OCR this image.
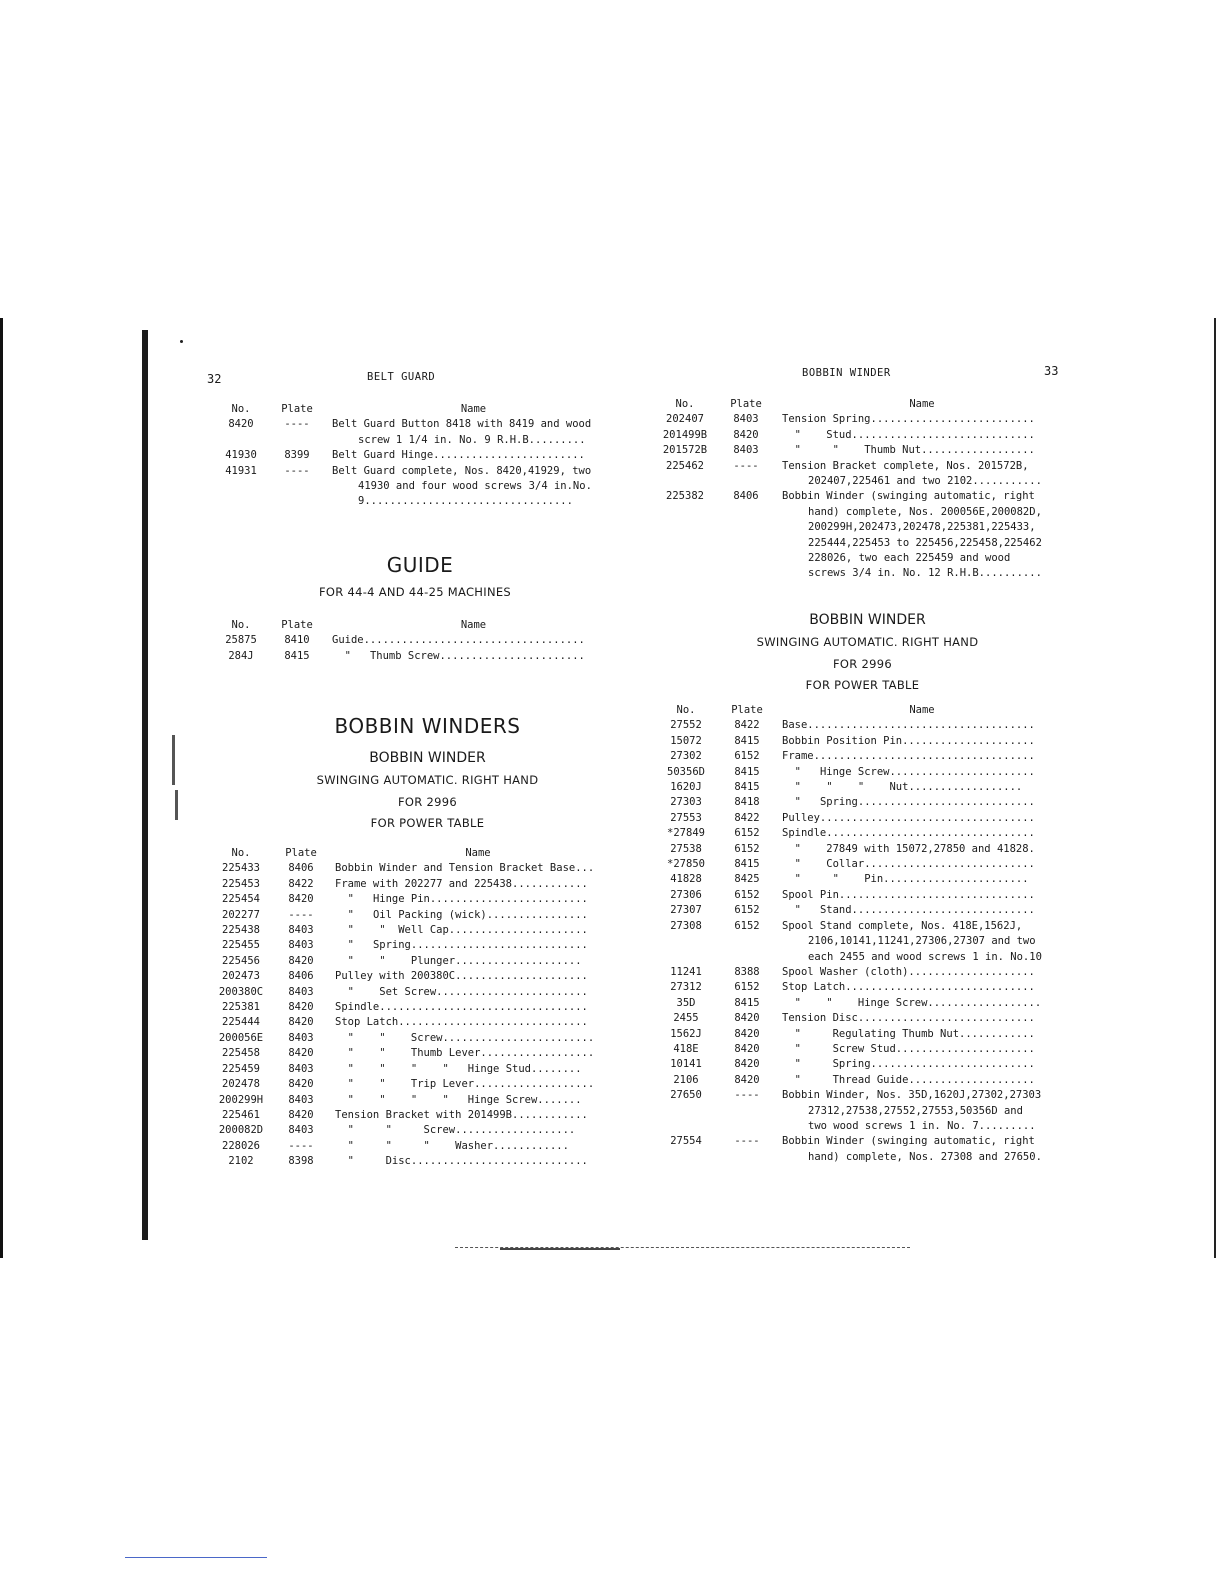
32	BELT GUARD
No.	Plate	Name
8420	----	Belt Guard Button 8418 with 8419 and wood
screw 1 1/4 in. No. 9 R.H.B.........
41930	8399	Belt Guard Hinge........................
41931	----	Belt Guard complete, Nos. 8420,41929, two
41930 and four wood screws 3/4 in.No.
9.................................
GUIDE
FOR 44-4 AND 44-25 MACHINES
No.	Plate	Name
25875	8410	Guide...................................
284J	8415	"   Thumb Screw.......................
BOBBIN WINDERS
BOBBIN WINDER
SWINGING AUTOMATIC. RIGHT HAND
FOR 2996
FOR POWER TABLE
No.	Plate	Name
225433	8406	Bobbin Winder and Tension Bracket Base...
225453	8422	Frame with 202277 and 225438............
225454	8420	"   Hinge Pin.........................
202277	----	"   Oil Packing (wick)................
225438	8403	"    "  Well Cap......................
225455	8403	"   Spring............................
225456	8420	"    "    Plunger....................
202473	8406	Pulley with 200380C.....................
200380C	8403	"    Set Screw........................
225381	8420	Spindle.................................
225444	8420	Stop Latch..............................
200056E	8403	"    "    Screw........................
225458	8420	"    "    Thumb Lever..................
225459	8403	"    "    "    "   Hinge Stud........
202478	8420	"    "    Trip Lever...................
200299H	8403	"    "    "    "   Hinge Screw.......
225461	8420	Tension Bracket with 201499B............
200082D	8403	"     "     Screw...................
228026	----	"     "     "    Washer............
2102	8398	"     Disc............................
BOBBIN WINDER	33
No.	Plate	Name
202407	8403	Tension Spring..........................
201499B	8420	"    Stud.............................
201572B	8403	"     "    Thumb Nut..................
225462	----	Tension Bracket complete, Nos. 201572B,
202407,225461 and two 2102...........
225382	8406	Bobbin Winder (swinging automatic, right
hand) complete, Nos. 200056E,200082D,
200299H,202473,202478,225381,225433,
225444,225453 to 225456,225458,225462
228026, two each 225459 and wood
screws 3/4 in. No. 12 R.H.B..........
BOBBIN WINDER
SWINGING AUTOMATIC. RIGHT HAND
FOR 2996
FOR POWER TABLE
No.	Plate	Name
27552	8422	Base....................................
15072	8415	Bobbin Position Pin.....................
27302	6152	Frame...................................
50356D	8415	"   Hinge Screw.......................
1620J	8415	"    "    "    Nut..................
27303	8418	"   Spring............................
27553	8422	Pulley..................................
*27849	6152	Spindle.................................
27538	6152	"    27849 with 15072,27850 and 41828.
*27850	8415	"    Collar...........................
41828	8425	"     "    Pin.......................
27306	6152	Spool Pin...............................
27307	6152	"   Stand.............................
27308	6152	Spool Stand complete, Nos. 418E,1562J,
2106,10141,11241,27306,27307 and two
each 2455 and wood screws 1 in. No.10
11241	8388	Spool Washer (cloth)....................
27312	6152	Stop Latch..............................
35D	8415	"    "    Hinge Screw..................
2455	8420	Tension Disc............................
1562J	8420	"     Regulating Thumb Nut............
418E	8420	"     Screw Stud......................
10141	8420	"     Spring..........................
2106	8420	"     Thread Guide....................
27650	----	Bobbin Winder, Nos. 35D,1620J,27302,27303
27312,27538,27552,27553,50356D and
two wood screws 1 in. No. 7.........
27554	----	Bobbin Winder (swinging automatic, right
hand) complete, Nos. 27308 and 27650.
